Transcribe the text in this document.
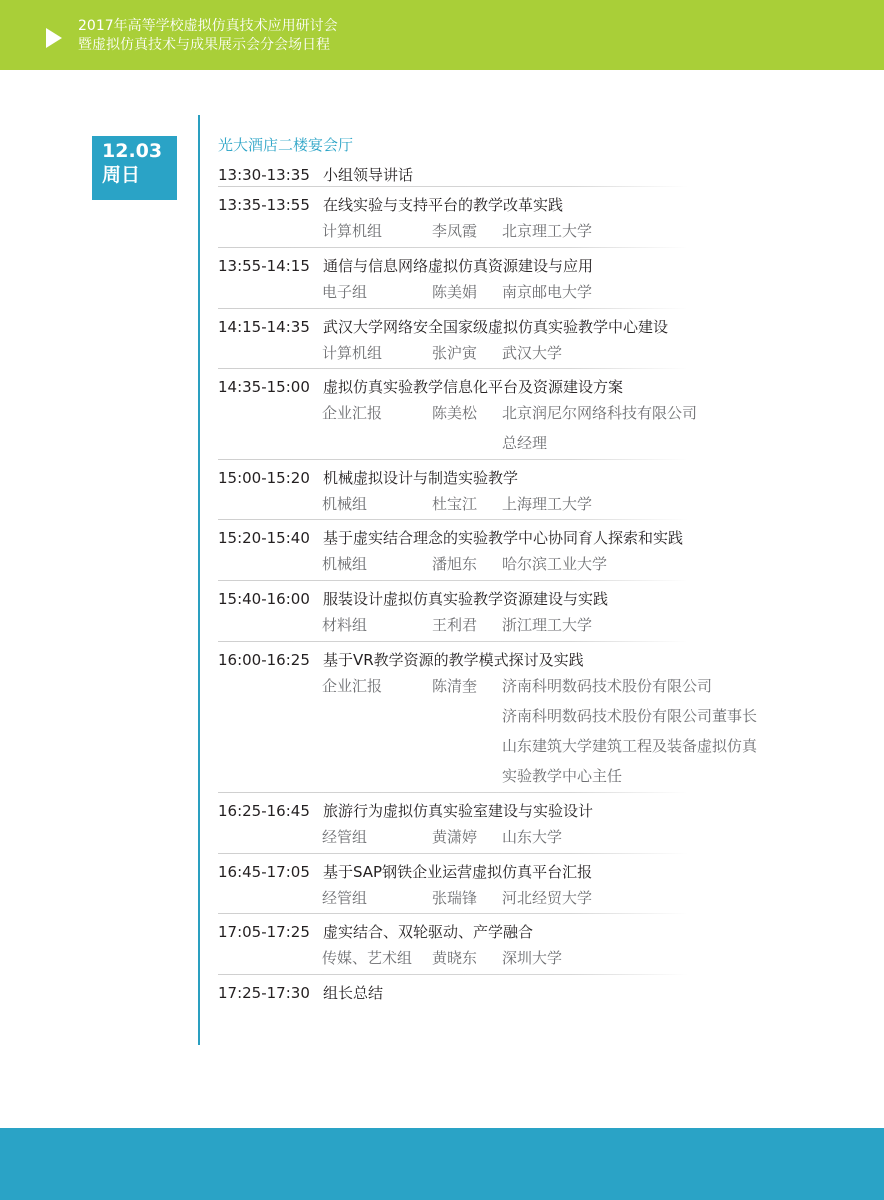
2017年高等学校虚拟仿真技术应用研讨会
暨虚拟仿真技术与成果展示会分会场日程
12.03
周日
光大酒店二楼宴会厅
13:30-13:35 小组领导讲话
13:35-13:55 在线实验与支持平台的教学改革实践
计算机组	李凤霞 北京理工大学
13:55-14:15 通信与信息网络虚拟仿真资源建设与应用
电子组	陈美娟 南京邮电大学
14:15-14:35 武汉大学网络安全国家级虚拟仿真实验教学中心建设
计算机组	张沪寅 武汉大学
14:35-15:00 虚拟仿真实验教学信息化平台及资源建设方案
企业汇报	陈美松 北京润尼尔网络科技有限公司
总经理
15:00-15:20 机械虚拟设计与制造实验教学
机械组	杜宝江 上海理工大学
15:20-15:40 基于虚实结合理念的实验教学中心协同育人探索和实践
机械组	潘旭东 哈尔滨工业大学
15:40-16:00 服装设计虚拟仿真实验教学资源建设与实践
材料组	王利君 浙江理工大学
16:00-16:25 基于VR教学资源的教学模式探讨及实践
企业汇报	陈清奎 济南科明数码技术股份有限公司
济南科明数码技术股份有限公司董事长
山东建筑大学建筑工程及装备虚拟仿真
实验教学中心主任
16:25-16:45 旅游行为虚拟仿真实验室建设与实验设计
经管组	黄潇婷 山东大学
16:45-17:05 基于SAP钢铁企业运营虚拟仿真平台汇报
经管组	张瑞锋 河北经贸大学
17:05-17:25 虚实结合、双轮驱动、产学融合
传媒、艺术组 黄晓东 深圳大学
17:25-17:30 组长总结
